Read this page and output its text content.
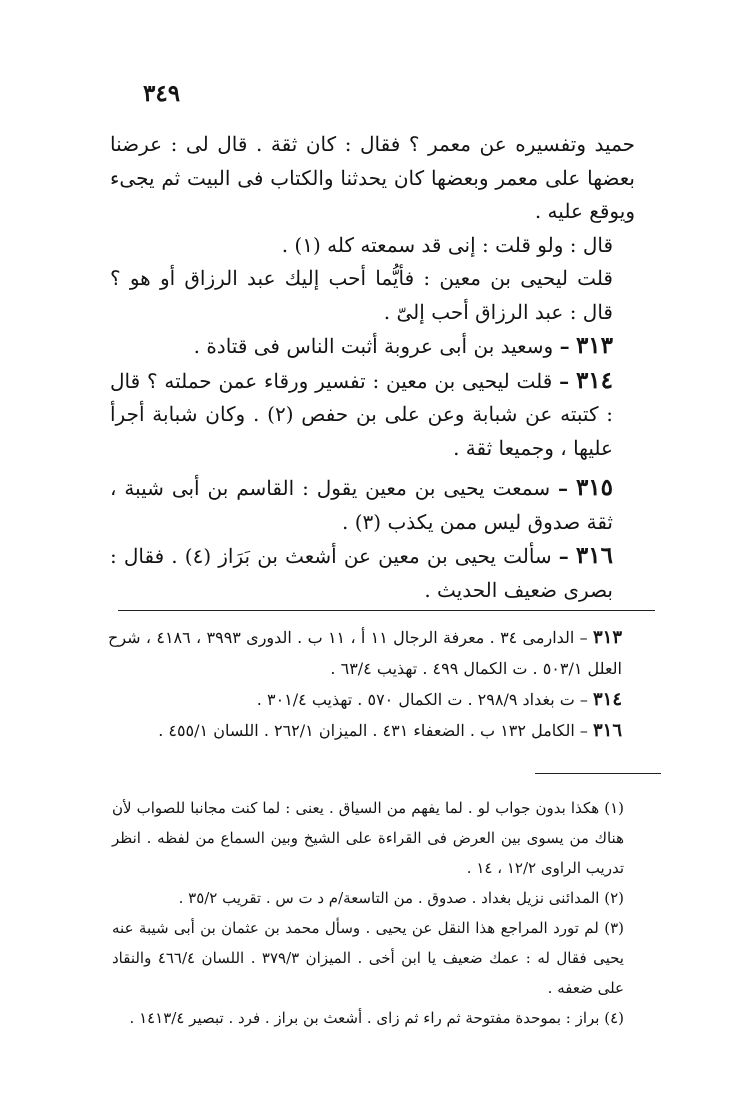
٣٤٩

حميد وتفسيره عن معمر ؟ فقال : كان ثقة . قال لى : عرضنا بعضها على معمر وبعضها كان يحدثنا والكتاب فى البيت ثم يجىء ويوقع عليه .

قال : ولو قلت : إنى قد سمعته كله (١) .

قلت ليحيى بن معين : فأيُّما أحب إليك عبد الرزاق أو هو ؟ قال : عبد الرزاق أحب إلىّ .

٣١٣ – وسعيد بن أبى عروبة أثبت الناس فى قتادة .

٣١٤ – قلت ليحيى بن معين : تفسير ورقاء عمن حملته ؟ قال : كتبته عن شبابة وعن على بن حفص (٢) . وكان شبابة أجرأ عليها ، وجميعا ثقة .

٣١٥ – سمعت يحيى بن معين يقول : القاسم بن أبى شيبة ، ثقة صدوق ليس ممن يكذب (٣) .

٣١٦ – سألت يحيى بن معين عن أشعث بن بَرَاز (٤) . فقال : بصرى ضعيف الحديث .

٣١٣ – الدارمى ٣٤ . معرفة الرجال ١١ أ ، ١١ ب . الدورى ٣٩٩٣ ، ٤١٨٦ ، شرح العلل ٥٠٣/١ . ت الكمال ٤٩٩ . تهذيب ٦٣/٤ .

٣١٤ – ت بغداد ٢٩٨/٩ . ت الكمال ٥٧٠ . تهذيب ٣٠١/٤ .

٣١٦ – الكامل ١٣٢ ب . الضعفاء ٤٣١ . الميزان ٢٦٢/١ . اللسان ٤٥٥/١ .

(١) هكذا بدون جواب لو . لما يفهم من السياق . يعنى : لما كنت مجانبا للصواب لأن هناك من يسوى بين العرض فى القراءة على الشيخ وبين السماع من لفظه . انظر تدريب الراوى ١٢/٢ ، ١٤ .

(٢) المدائنى نزيل بغداد . صدوق . من التاسعة/م د ت س . تقريب ٣٥/٢ .

(٣) لم تورد المراجع هذا النقل عن يحيى . وسأل محمد بن عثمان بن أبى شيبة عنه يحيى فقال له : عمك ضعيف يا ابن أخى . الميزان ٣٧٩/٣ . اللسان ٤٦٦/٤ والنقاد على ضعفه .

(٤) براز : بموحدة مفتوحة ثم راء ثم زاى . أشعث بن براز . فرد . تبصير ١٤١٣/٤ .
